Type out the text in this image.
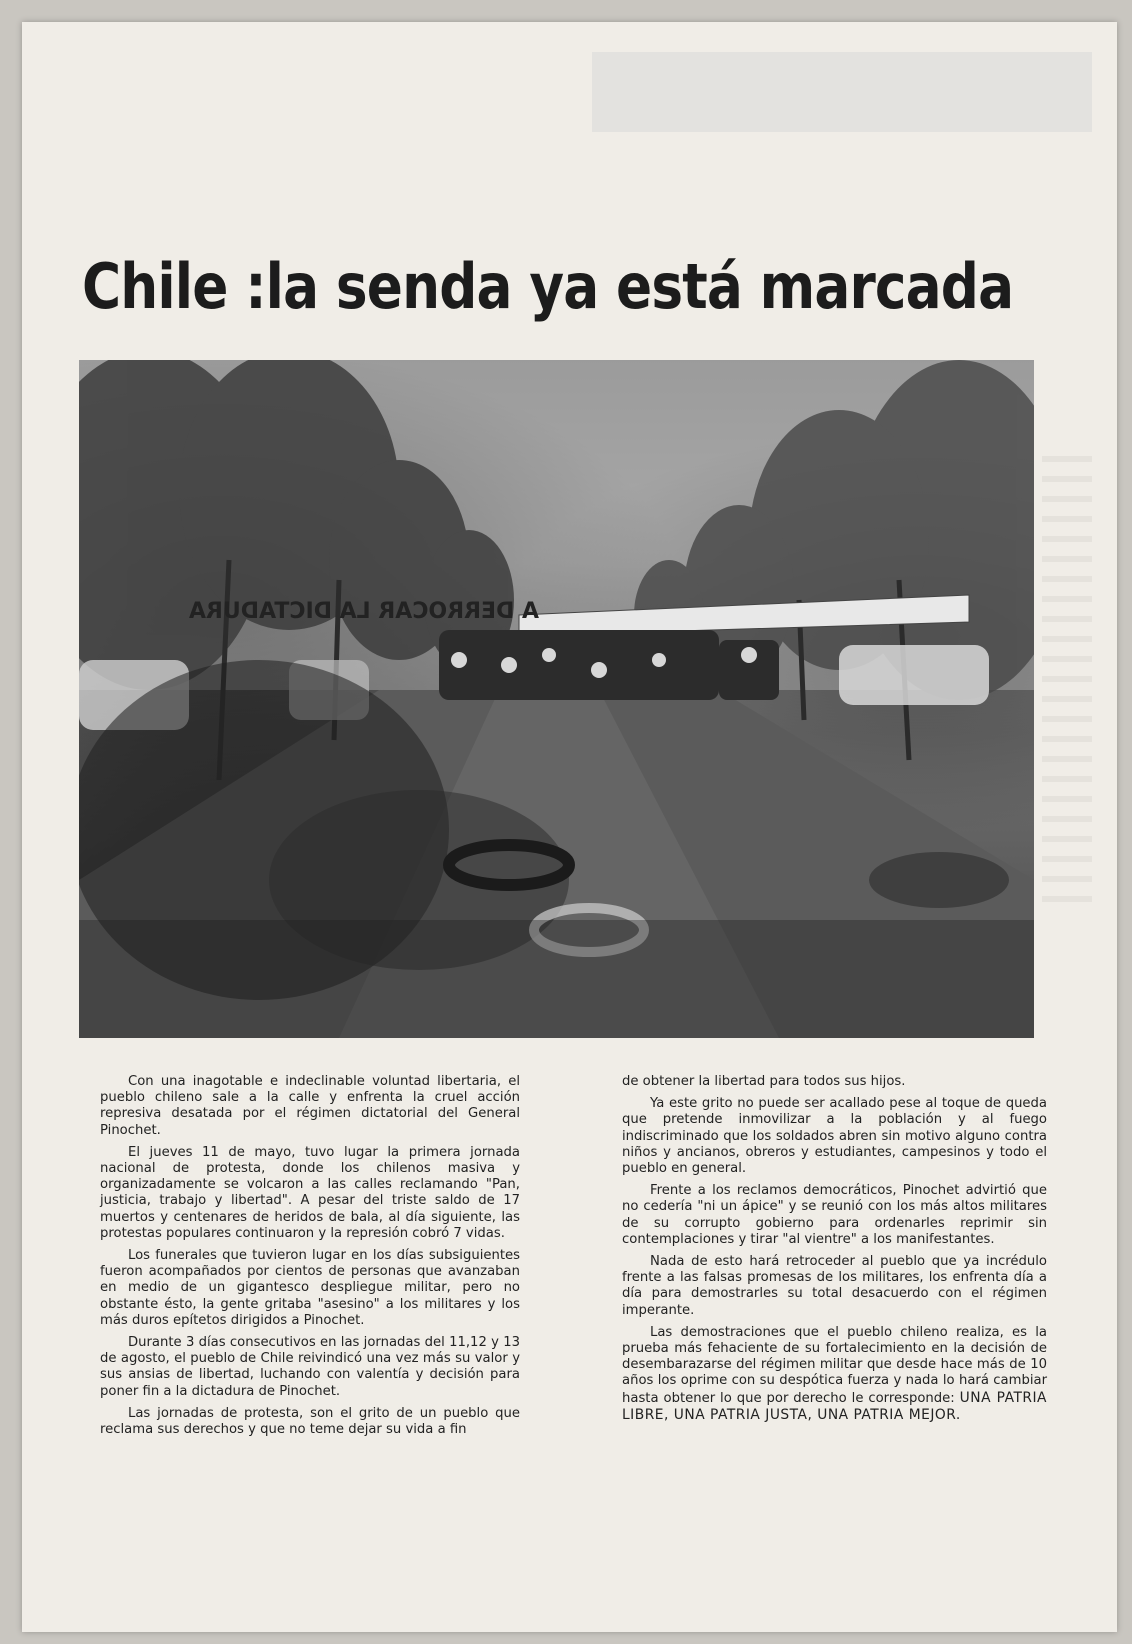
Chile :la senda ya está marcada
A DERROCAR LA DICTADURA

Con una inagotable e indeclinable voluntad libertaria, el pueblo chileno sale a la calle y enfrenta la cruel acción represiva desatada por el régimen dictatorial del General Pinochet.

El jueves 11 de mayo, tuvo lugar la primera jornada nacional de protesta, donde los chilenos masiva y organizadamente se volcaron a las calles reclamando "Pan, justicia, trabajo y libertad". A pesar del triste saldo de 17 muertos y centenares de heridos de bala, al día siguiente, las protestas populares continuaron y la represión cobró 7 vidas.

Los funerales que tuvieron lugar en los días subsiguientes fueron acompañados por cientos de personas que avanzaban en medio de un gigantesco despliegue militar, pero no obstante ésto, la gente gritaba "asesino" a los militares y los más duros epítetos dirigidos a Pinochet.

Durante 3 días consecutivos en las jornadas del 11,12 y 13 de agosto, el pueblo de Chile reivindicó una vez más su valor y sus ansias de libertad, luchando con valentía y decisión para poner fin a la dictadura de Pinochet.

Las jornadas de protesta, son el grito de un pueblo que reclama sus derechos y que no teme dejar su vida a fin

de obtener la libertad para todos sus hijos.

Ya este grito no puede ser acallado pese al toque de queda que pretende inmovilizar a la población y al fuego indiscriminado que los soldados abren sin motivo alguno contra niños y ancianos, obreros y estudiantes, campesinos y todo el pueblo en general.

Frente a los reclamos democráticos, Pinochet advirtió que no cedería "ni un ápice" y se reunió con los más altos militares de su corrupto gobierno para ordenarles reprimir sin contemplaciones y tirar "al vientre" a los manifestantes.

Nada de esto hará retroceder al pueblo que ya incrédulo frente a las falsas promesas de los militares, los enfrenta día a día para demostrarles su total desacuerdo con el régimen imperante.

Las demostraciones que el pueblo chileno realiza, es la prueba más fehaciente de su fortalecimiento en la decisión de desembarazarse del régimen militar que desde hace más de 10 años los oprime con su despótica fuerza y nada lo hará cambiar hasta obtener lo que por derecho le corresponde: UNA PATRIA LIBRE, UNA PATRIA JUSTA, UNA PATRIA MEJOR.
